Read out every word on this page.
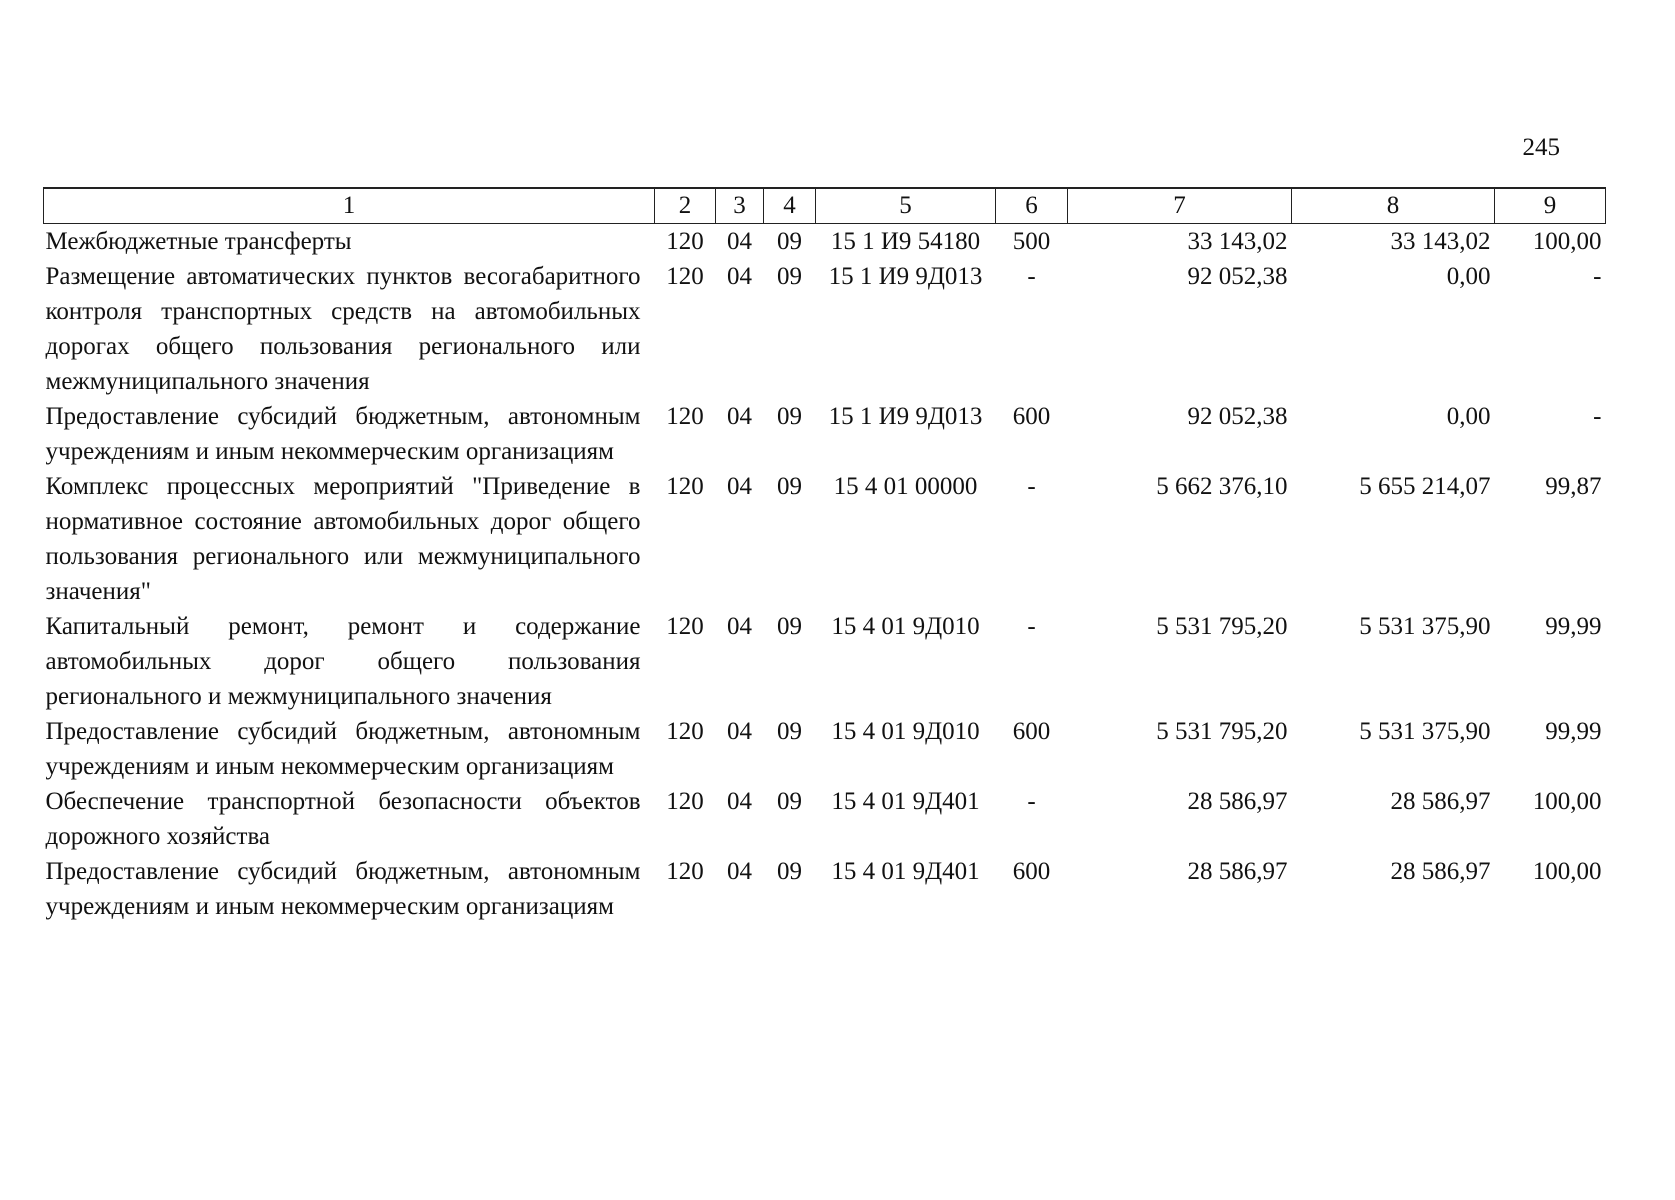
245
1	2	3	4	5	6	7	8	9
Межбюджетные трансферты	120	04	09	15 1 И9 54180	500	33 143,02	33 143,02	100,00
Размещение автоматических пунктов весогабаритного контроля транспортных средств на автомобильных дорогах общего пользования регионального или межмуниципального значения	120	04	09	15 1 И9 9Д013	-	92 052,38	0,00	-
Предоставление субсидий бюджетным, автономным учреждениям и иным некоммерческим организациям	120	04	09	15 1 И9 9Д013	600	92 052,38	0,00	-
Комплекс процессных мероприятий "Приведение в нормативное состояние автомобильных дорог общего пользования регионального или межмуниципального значения"	120	04	09	15 4 01 00000	-	5 662 376,10	5 655 214,07	99,87
Капитальный ремонт, ремонт и содержание автомобильных дорог общего пользования регионального и межмуниципального значения	120	04	09	15 4 01 9Д010	-	5 531 795,20	5 531 375,90	99,99
Предоставление субсидий бюджетным, автономным учреждениям и иным некоммерческим организациям	120	04	09	15 4 01 9Д010	600	5 531 795,20	5 531 375,90	99,99
Обеспечение транспортной безопасности объектов дорожного хозяйства	120	04	09	15 4 01 9Д401	-	28 586,97	28 586,97	100,00
Предоставление субсидий бюджетным, автономным учреждениям и иным некоммерческим организациям	120	04	09	15 4 01 9Д401	600	28 586,97	28 586,97	100,00
